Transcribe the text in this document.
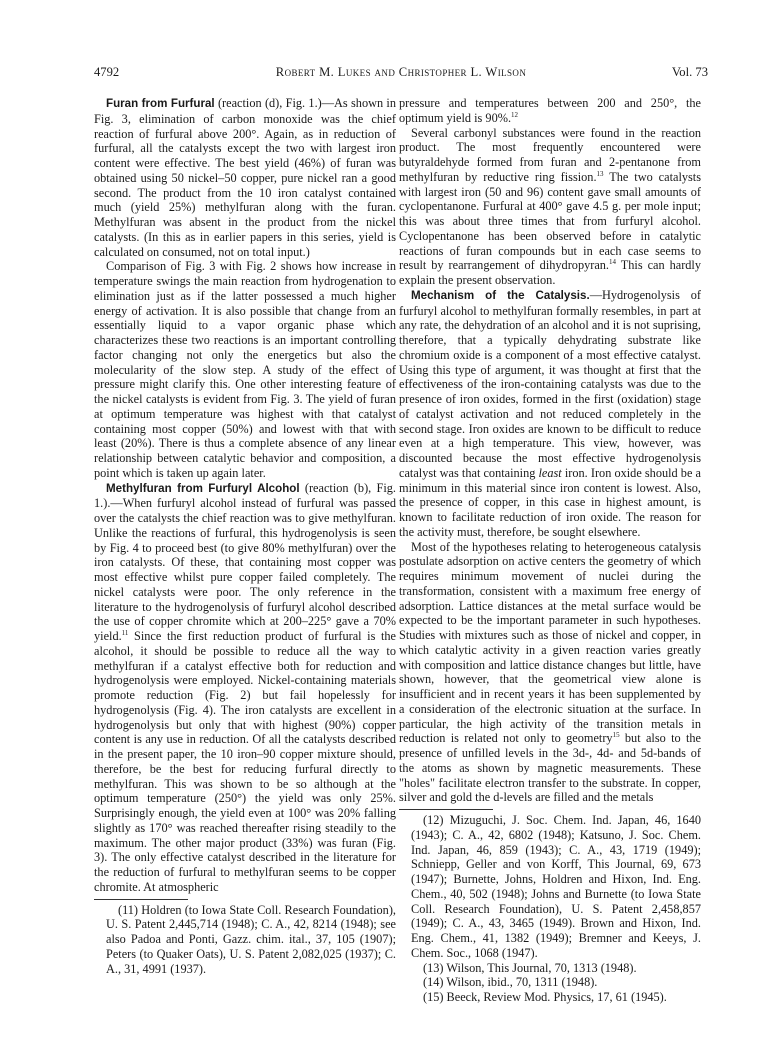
4792	Robert M. Lukes and Christopher L. Wilson	Vol. 73

Furan from Furfural (reaction (d), Fig. 1.)—As shown in Fig. 3, elimination of carbon monoxide was the chief reaction of furfural above 200°. Again, as in reduction of furfural, all the catalysts except the two with largest iron content were effective. The best yield (46%) of furan was obtained using 50 nickel–50 copper, pure nickel ran a good second. The product from the 10 iron catalyst contained much (yield 25%) methylfuran along with the furan. Methylfuran was absent in the product from the nickel catalysts. (In this as in earlier papers in this series, yield is calculated on consumed, not on total input.)

Comparison of Fig. 3 with Fig. 2 shows how increase in temperature swings the main reaction from hydrogenation to elimination just as if the latter possessed a much higher energy of activation. It is also possible that change from an essentially liquid to a vapor organic phase which characterizes these two reactions is an important controlling factor changing not only the energetics but also the molecularity of the slow step. A study of the effect of pressure might clarify this. One other interesting feature of the nickel catalysts is evident from Fig. 3. The yield of furan at optimum temperature was highest with that catalyst containing most copper (50%) and lowest with that with least (20%). There is thus a complete absence of any linear relationship between catalytic behavior and composition, a point which is taken up again later.

Methylfuran from Furfuryl Alcohol (reaction (b), Fig. 1.).—When furfuryl alcohol instead of furfural was passed over the catalysts the chief reaction was to give methylfuran. Unlike the reactions of furfural, this hydrogenolysis is seen by Fig. 4 to proceed best (to give 80% methylfuran) over the iron catalysts. Of these, that containing most copper was most effective whilst pure copper failed completely. The nickel catalysts were poor. The only reference in the literature to the hydrogenolysis of furfuryl alcohol described the use of copper chromite which at 200–225° gave a 70% yield.$^{11}$ Since the first reduction product of furfural is the alcohol, it should be possible to reduce all the way to methylfuran if a catalyst effective both for reduction and hydrogenolysis were employed. Nickel-containing materials promote reduction (Fig. 2) but fail hopelessly for hydrogenolysis (Fig. 4). The iron catalysts are excellent in hydrogenolysis but only that with highest (90%) copper content is any use in reduction. Of all the catalysts described in the present paper, the 10 iron–90 copper mixture should, therefore, be the best for reducing furfural directly to methylfuran. This was shown to be so although at the optimum temperature (250°) the yield was only 25%. Surprisingly enough, the yield even at 100° was 20% falling slightly as 170° was reached thereafter rising steadily to the maximum. The other major product (33%) was furan (Fig. 3). The only effective catalyst described in the literature for the reduction of furfural to methylfuran seems to be copper chromite. At atmospheric

(11) Holdren (to Iowa State Coll. Research Foundation), U. S. Patent 2,445,714 (1948); C. A., 42, 8214 (1948); see also Padoa and Ponti, Gazz. chim. ital., 37, 105 (1907); Peters (to Quaker Oats), U. S. Patent 2,082,025 (1937); C. A., 31, 4991 (1937).

pressure and temperatures between 200 and 250°, the optimum yield is 90%.$^{12}$

Several carbonyl substances were found in the reaction product. The most frequently encountered were butyraldehyde formed from furan and 2-pentanone from methylfuran by reductive ring fission.$^{13}$ The two catalysts with largest iron (50 and 96) content gave small amounts of cyclopentanone. Furfural at 400° gave 4.5 g. per mole input; this was about three times that from furfuryl alcohol. Cyclopentanone has been observed before in catalytic reactions of furan compounds but in each case seems to result by rearrangement of dihydropyran.$^{14}$ This can hardly explain the present observation.

Mechanism of the Catalysis.—Hydrogenolysis of furfuryl alcohol to methylfuran formally resembles, in part at any rate, the dehydration of an alcohol and it is not suprising, therefore, that a typically dehydrating substrate like chromium oxide is a component of a most effective catalyst. Using this type of argument, it was thought at first that the effectiveness of the iron-containing catalysts was due to the presence of iron oxides, formed in the first (oxidation) stage of catalyst activation and not reduced completely in the second stage. Iron oxides are known to be difficult to reduce even at a high temperature. This view, however, was discounted because the most effective hydrogenolysis catalyst was that containing least iron. Iron oxide should be a minimum in this material since iron content is lowest. Also, the presence of copper, in this case in highest amount, is known to facilitate reduction of iron oxide. The reason for the activity must, therefore, be sought elsewhere.

Most of the hypotheses relating to heterogeneous catalysis postulate adsorption on active centers the geometry of which requires minimum movement of nuclei during the transformation, consistent with a maximum free energy of adsorption. Lattice distances at the metal surface would be expected to be the important parameter in such hypotheses. Studies with mixtures such as those of nickel and copper, in which catalytic activity in a given reaction varies greatly with composition and lattice distance changes but little, have shown, however, that the geometrical view alone is insufficient and in recent years it has been supplemented by a consideration of the electronic situation at the surface. In particular, the high activity of the transition metals in reduction is related not only to geometry$^{15}$ but also to the presence of unfilled levels in the 3d-, 4d- and 5d-bands of the atoms as shown by magnetic measurements. These "holes" facilitate electron transfer to the substrate. In copper, silver and gold the d-levels are filled and the metals

(12) Mizuguchi, J. Soc. Chem. Ind. Japan, 46, 1640 (1943); C. A., 42, 6802 (1948); Katsuno, J. Soc. Chem. Ind. Japan, 46, 859 (1943); C. A., 43, 1719 (1949); Schniepp, Geller and von Korff, This Journal, 69, 673 (1947); Burnette, Johns, Holdren and Hixon, Ind. Eng. Chem., 40, 502 (1948); Johns and Burnette (to Iowa State Coll. Research Foundation), U. S. Patent 2,458,857 (1949); C. A., 43, 3465 (1949). Brown and Hixon, Ind. Eng. Chem., 41, 1382 (1949); Bremner and Keeys, J. Chem. Soc., 1068 (1947).

(13) Wilson, This Journal, 70, 1313 (1948).

(14) Wilson, ibid., 70, 1311 (1948).

(15) Beeck, Review Mod. Physics, 17, 61 (1945).
